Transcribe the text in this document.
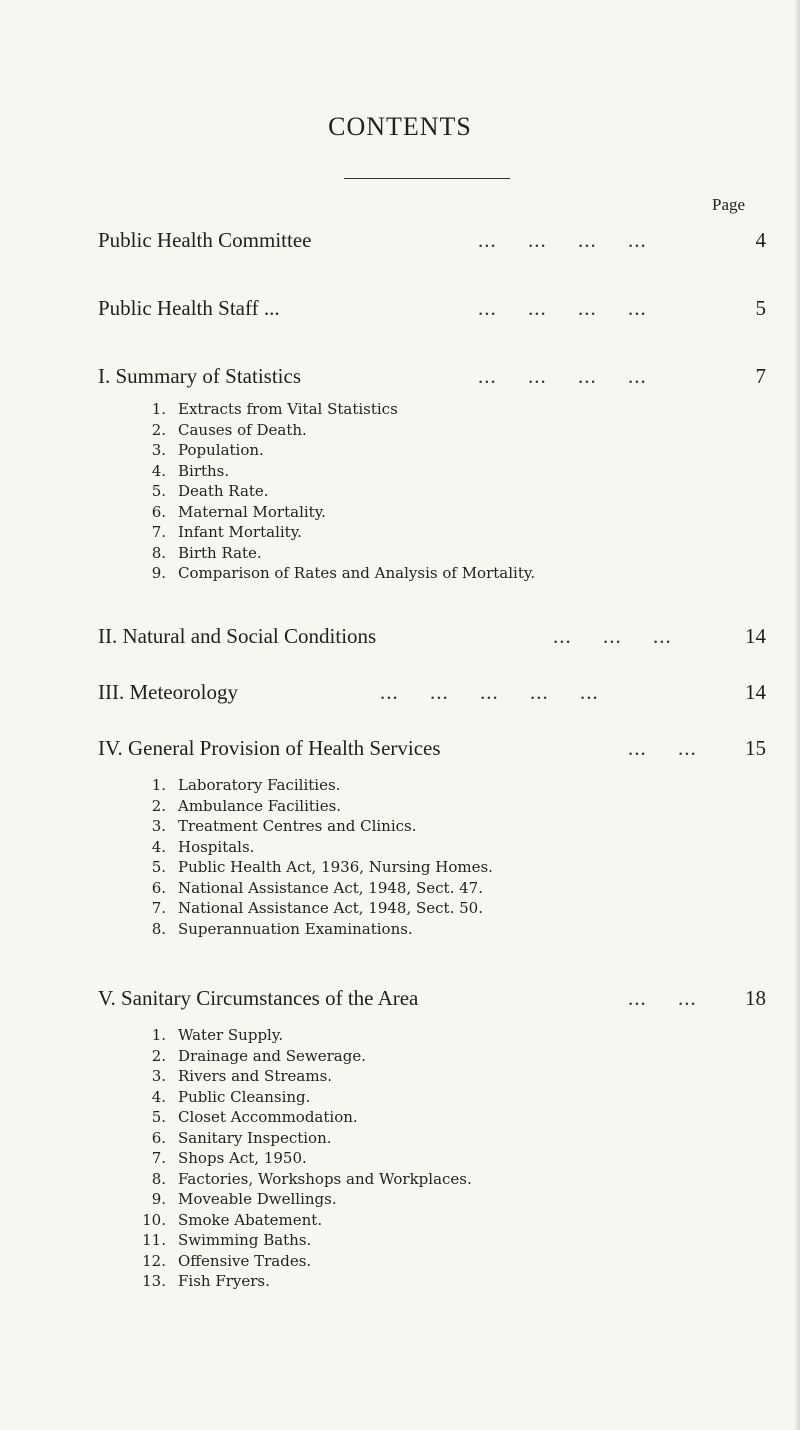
CONTENTS
Page
Public Health Committee	...     ...     ...     ...	4
Public Health Staff ...	...     ...     ...     ...	5
I. Summary of Statistics	...     ...     ...     ...	7
1. Extracts from Vital Statistics
2. Causes of Death.
3. Population.
4. Births.
5. Death Rate.
6. Maternal Mortality.
7. Infant Mortality.
8. Birth Rate.
9. Comparison of Rates and Analysis of Mortality.
II. Natural and Social Conditions	...     ...     ...	14
III. Meteorology	...     ...     ...     ...     ...	14
IV. General Provision of Health Services	...     ...	15
1. Laboratory Facilities.
2. Ambulance Facilities.
3. Treatment Centres and Clinics.
4. Hospitals.
5. Public Health Act, 1936, Nursing Homes.
6. National Assistance Act, 1948, Sect. 47.
7. National Assistance Act, 1948, Sect. 50.
8. Superannuation Examinations.
V. Sanitary Circumstances of the Area	...     ...	18
1. Water Supply.
2. Drainage and Sewerage.
3. Rivers and Streams.
4. Public Cleansing.
5. Closet Accommodation.
6. Sanitary Inspection.
7. Shops Act, 1950.
8. Factories, Workshops and Workplaces.
9. Moveable Dwellings.
10. Smoke Abatement.
11. Swimming Baths.
12. Offensive Trades.
13. Fish Fryers.
